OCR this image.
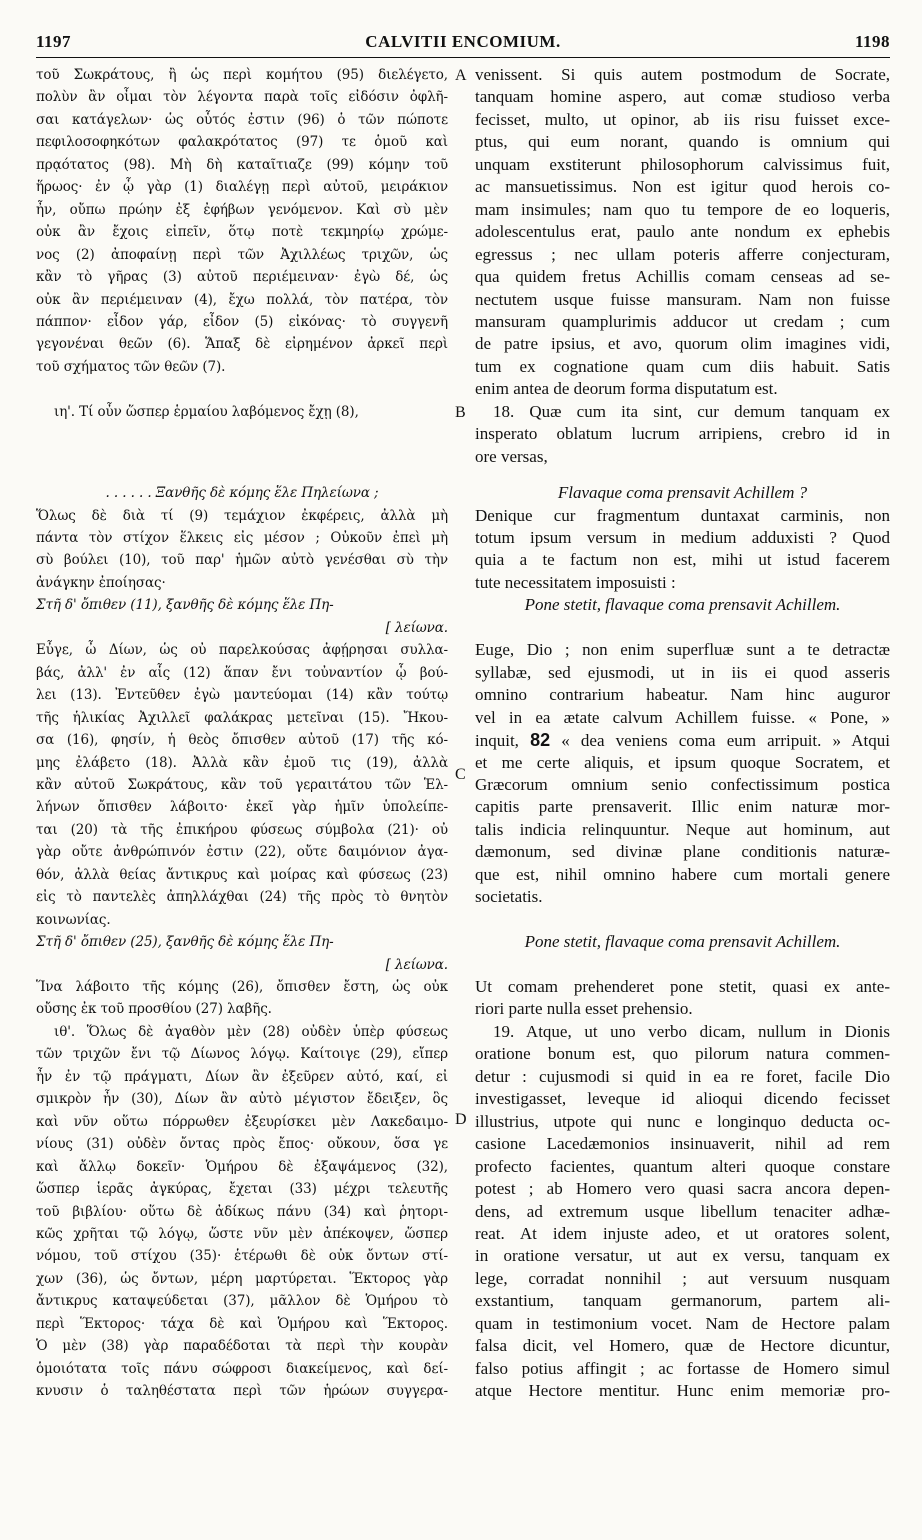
1197	CALVITII ENCOMIUM.	1198
A
B
C
D
τοῦ Σωκράτους, ἢ ὡς περὶ κομήτου (95) διελέγετο,
πολὺν ἂν οἶμαι τὸν λέγοντα παρὰ τοῖς εἰδόσιν ὀφλῆ-
σαι κατάγελων· ὡς οὗτός ἐστιν (96) ὁ τῶν πώποτε
πεφιλοσοφηκότων φαλακρότατος (97) τε ὁμοῦ καὶ
πρᾳότατος (98). Μὴ δὴ καταῖτιαζε (99) κόμην τοῦ
ἥρωος· ἐν ᾧ γὰρ (1) διαλέγῃ περὶ αὐτοῦ, μειράκιον
ἦν, οὔπω πρώην ἐξ ἐφήβων γενόμενον. Καὶ σὺ μὲν
οὐκ ἂν ἔχοις εἰπεῖν, ὅτῳ ποτὲ τεκμηρίῳ χρώμε-
νος (2) ἀποφαίνῃ περὶ τῶν Ἀχιλλέως τριχῶν, ὡς
κἂν τὸ γῆρας (3) αὐτοῦ περιέμειναν· ἐγὼ δέ, ὡς
οὐκ ἂν περιέμειναν (4), ἔχω πολλά, τὸν πατέρα, τὸν
πάππον· εἶδον γάρ, εἶδον (5) εἰκόνας· τὸ συγγενῆ
γεγονέναι θεῶν (6). Ἅπαξ δὲ εἰρημένον ἀρκεῖ περὶ
τοῦ σχήματος τῶν θεῶν (7).
ιη'. Τί οὖν ὥσπερ ἑρμαίου λαβόμενος ἔχῃ (8),
. . . . . . Ξανθῆς δὲ κόμης ἕλε Πηλείωνα ;
Ὅλως δὲ διὰ τί (9) τεμάχιον ἐκφέρεις, ἀλλὰ μὴ
πάντα τὸν στίχον ἕλκεις εἰς μέσον ; Οὐκοῦν ἐπεὶ μὴ
σὺ βούλει (10), τοῦ παρ' ἡμῶν αὐτὸ γενέσθαι σὺ τὴν
ἀνάγκην ἐποίησας·
Στῆ δ' ὄπιθεν (11), ξανθῆς δὲ κόμης ἕλε Πη-
[ λείωνα.
Εὖγε, ὦ Δίων, ὡς οὐ παρελκούσας ἀφῄρησαι συλλα-
βάς, ἀλλ' ἐν αἷς (12) ἅπαν ἔνι τοὐναντίον ᾧ βού-
λει (13). Ἐντεῦθεν ἐγὼ μαντεύομαι (14) κἂν τούτῳ
τῆς ἡλικίας Ἀχιλλεῖ φαλάκρας μετεῖναι (15). Ἤκου-
σα (16), φησίν, ἡ θεὸς ὄπισθεν αὐτοῦ (17) τῆς κό-
μης ἐλάβετο (18). Ἀλλὰ κἂν ἐμοῦ τις (19), ἀλλὰ
κἂν αὐτοῦ Σωκράτους, κἂν τοῦ γεραιτάτου τῶν Ἑλ-
λήνων ὄπισθεν λάβοιτο· ἐκεῖ γὰρ ἡμῖν ὑπολείπε-
ται (20) τὰ τῆς ἐπικήρου φύσεως σύμβολα (21)· οὐ
γὰρ οὔτε ἀνθρώπινόν ἐστιν (22), οὔτε δαιμόνιον ἀγα-
θόν, ἀλλὰ θείας ἄντικρυς καὶ μοίρας καὶ φύσεως (23)
εἰς τὸ παντελὲς ἀπηλλάχθαι (24) τῆς πρὸς τὸ θνητὸν
κοινωνίας.
Στῆ δ' ὄπιθεν (25), ξανθῆς δὲ κόμης ἕλε Πη-
[ λείωνα.
Ἵνα λάβοιτο τῆς κόμης (26), ὄπισθεν ἔστη, ὡς οὐκ
οὔσης ἐκ τοῦ προσθίου (27) λαβῆς.
ιθ'. Ὅλως δὲ ἀγαθὸν μὲν (28) οὐδὲν ὑπὲρ φύσεως
τῶν τριχῶν ἔνι τῷ Δίωνος λόγῳ. Καίτοιγε (29), εἴπερ
ἦν ἐν τῷ πράγματι, Δίων ἂν ἐξεῦρεν αὐτό, καί, εἰ
σμικρὸν ἦν (30), Δίων ἂν αὐτὸ μέγιστον ἔδειξεν, ὃς
καὶ νῦν οὕτω πόρρωθεν ἐξευρίσκει μὲν Λακεδαιμο-
νίους (31) οὐδὲν ὄντας πρὸς ἔπος· οὔκουν, ὅσα γε
καὶ ἄλλῳ δοκεῖν· Ὁμήρου δὲ ἐξαψάμενος (32),
ὥσπερ ἱερᾶς ἀγκύρας, ἔχεται (33) μέχρι τελευτῆς
τοῦ βιβλίου· οὕτω δὲ ἀδίκως πάνυ (34) καὶ ῥητορι-
κῶς χρῆται τῷ λόγῳ, ὥστε νῦν μὲν ἀπέκοψεν, ὥσπερ
νόμου, τοῦ στίχου (35)· ἑτέρωθι δὲ οὐκ ὄντων στί-
χων (36), ὡς ὄντων, μέρη μαρτύρεται. Ἕκτορος γὰρ
ἄντικρυς καταψεύδεται (37), μᾶλλον δὲ Ὁμήρου τὸ
περὶ Ἕκτορος· τάχα δὲ καὶ Ὁμήρου καὶ Ἕκτορος.
Ὁ μὲν (38) γὰρ παραδέδοται τὰ περὶ τὴν κουρὰν
ὁμοιότατα τοῖς πάνυ σώφροσι διακείμενος, καὶ δεί-
κνυσιν ὁ ταληθέστατα περὶ τῶν ἡρώων συγγερα-
venissent. Si quis autem postmodum de Socrate,
tanquam homine aspero, aut comæ studioso verba
fecisset, multo, ut opinor, ab iis risu fuisset exce-
ptus, qui eum norant, quando is omnium qui
unquam exstiterunt philosophorum calvissimus fuit,
ac mansuetissimus. Non est igitur quod herois co-
mam insimules; nam quo tu tempore de eo loqueris,
adolescentulus erat, paulo ante nondum ex ephebis
egressus ; nec ullam poteris afferre conjecturam,
qua quidem fretus Achillis comam censeas ad se-
nectutem usque fuisse mansuram. Nam non fuisse
mansuram quamplurimis adducor ut credam ; cum
de patre ipsius, et avo, quorum olim imagines vidi,
tum ex cognatione quam cum diis habuit. Satis
enim antea de deorum forma disputatum est.
18. Quæ cum ita sint, cur demum tanquam ex
insperato oblatum lucrum arripiens, crebro id in
ore versas,
Flavaque coma prensavit Achillem ?
Denique cur fragmentum duntaxat carminis, non
totum ipsum versum in medium adduxisti ? Quod
quia a te factum non est, mihi ut istud facerem
tute necessitatem imposuisti :
Pone stetit, flavaque coma prensavit Achillem.
Euge, Dio ; non enim superfluæ sunt a te detractæ
syllabæ, sed ejusmodi, ut in iis ei quod asseris
omnino contrarium habeatur. Nam hinc auguror
vel in ea ætate calvum Achillem fuisse. « Pone, »
inquit, 82 « dea veniens coma eum arripuit. » Atqui
et me certe aliquis, et ipsum quoque Socratem, et
Græcorum omnium senio confectissimum postica
capitis parte prensaverit. Illic enim naturæ mor-
talis indicia relinquuntur. Neque aut hominum, aut
dæmonum, sed divinæ plane conditionis naturæ-
que est, nihil omnino habere cum mortali genere
societatis.
Pone stetit, flavaque coma prensavit Achillem.
Ut comam prehenderet pone stetit, quasi ex ante-
riori parte nulla esset prehensio.
19. Atque, ut uno verbo dicam, nullum in Dionis
oratione bonum est, quo pilorum natura commen-
detur : cujusmodi si quid in ea re foret, facile Dio
investigasset, leveque id alioqui dicendo fecisset
illustrius, utpote qui nunc e longinquo deducta oc-
casione Lacedæmonios insinuaverit, nihil ad rem
profecto facientes, quantum alteri quoque constare
potest ; ab Homero vero quasi sacra ancora depen-
dens, ad extremum usque libellum tenaciter adhæ-
reat. At idem injuste adeo, et ut oratores solent,
in oratione versatur, ut aut ex versu, tanquam ex
lege, corradat nonnihil ; aut versuum nusquam
exstantium, tanquam germanorum, partem ali-
quam in testimonium vocet. Nam de Hectore palam
falsa dicit, vel Homero, quæ de Hectore dicuntur,
falso potius affingit ; ac fortasse de Homero simul
atque Hectore mentitur. Hunc enim memoriæ pro-
